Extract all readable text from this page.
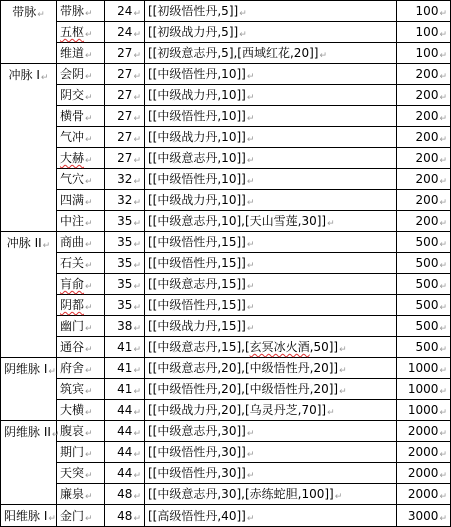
带脉↵	带脉↵	24↵	[[初级悟性丹,5]]↵	100↵
	五枢↵	24↵	[[初级战力丹,5]]↵	100↵
	维道↵	27↵	[[初级意志丹,5],[西域红花,20]]↵	100↵
冲脉 I↵	会阴↵	27↵	[[中级悟性丹,10]]↵	200↵
	阴交↵	27↵	[[中级战力丹,10]]↵	200↵
	横骨↵	27↵	[[中级悟性丹,10]]↵	200↵
	气冲↵	27↵	[[中级战力丹,10]]↵	200↵
	大赫↵	27↵	[[中级意志丹,10]]↵	200↵
	气穴↵	32↵	[[中级悟性丹,10]]↵	200↵
	四满↵	32↵	[[中级战力丹,10]]↵	200↵
	中注↵	35↵	[[中级意志丹,10],[天山雪莲,30]]↵	200↵
冲脉 II↵	商曲↵	35↵	[[中级悟性丹,15]]↵	500↵
	石关↵	35↵	[[中级悟性丹,15]]↵	500↵
	肓俞↵	35↵	[[中级意志丹,15]]↵	500↵
	阴都↵	35↵	[[中级悟性丹,15]]↵	500↵
	幽门↵	38↵	[[中级战力丹,15]]↵	500↵
	通谷↵	41↵	[[中级意志丹,15],[玄冥冰火酒,50]]↵	500↵
阴维脉 I↵	府舍↵	41↵	[[中级意志丹,20],[中级悟性丹,20]]↵	1000↵
	筑宾↵	41↵	[[中级悟性丹,20],[中级悟性丹,20]]↵	1000↵
	大横↵	44↵	[[中级战力丹,20],[乌灵丹芝,70]]↵	1000↵
阴维脉 II↵	腹哀↵	44↵	[[中级意志丹,30]]↵	2000↵
	期门↵	44↵	[[中级悟性丹,30]]↵	2000↵
	天突↵	44↵	[[中级悟性丹,30]]↵	2000↵
	廉泉↵	48↵	[[中级意志丹,30],[赤练蛇胆,100]]↵	2000↵
阳维脉 I↵	金门↵	48↵	[[高级悟性丹,40]]↵	3000↵
